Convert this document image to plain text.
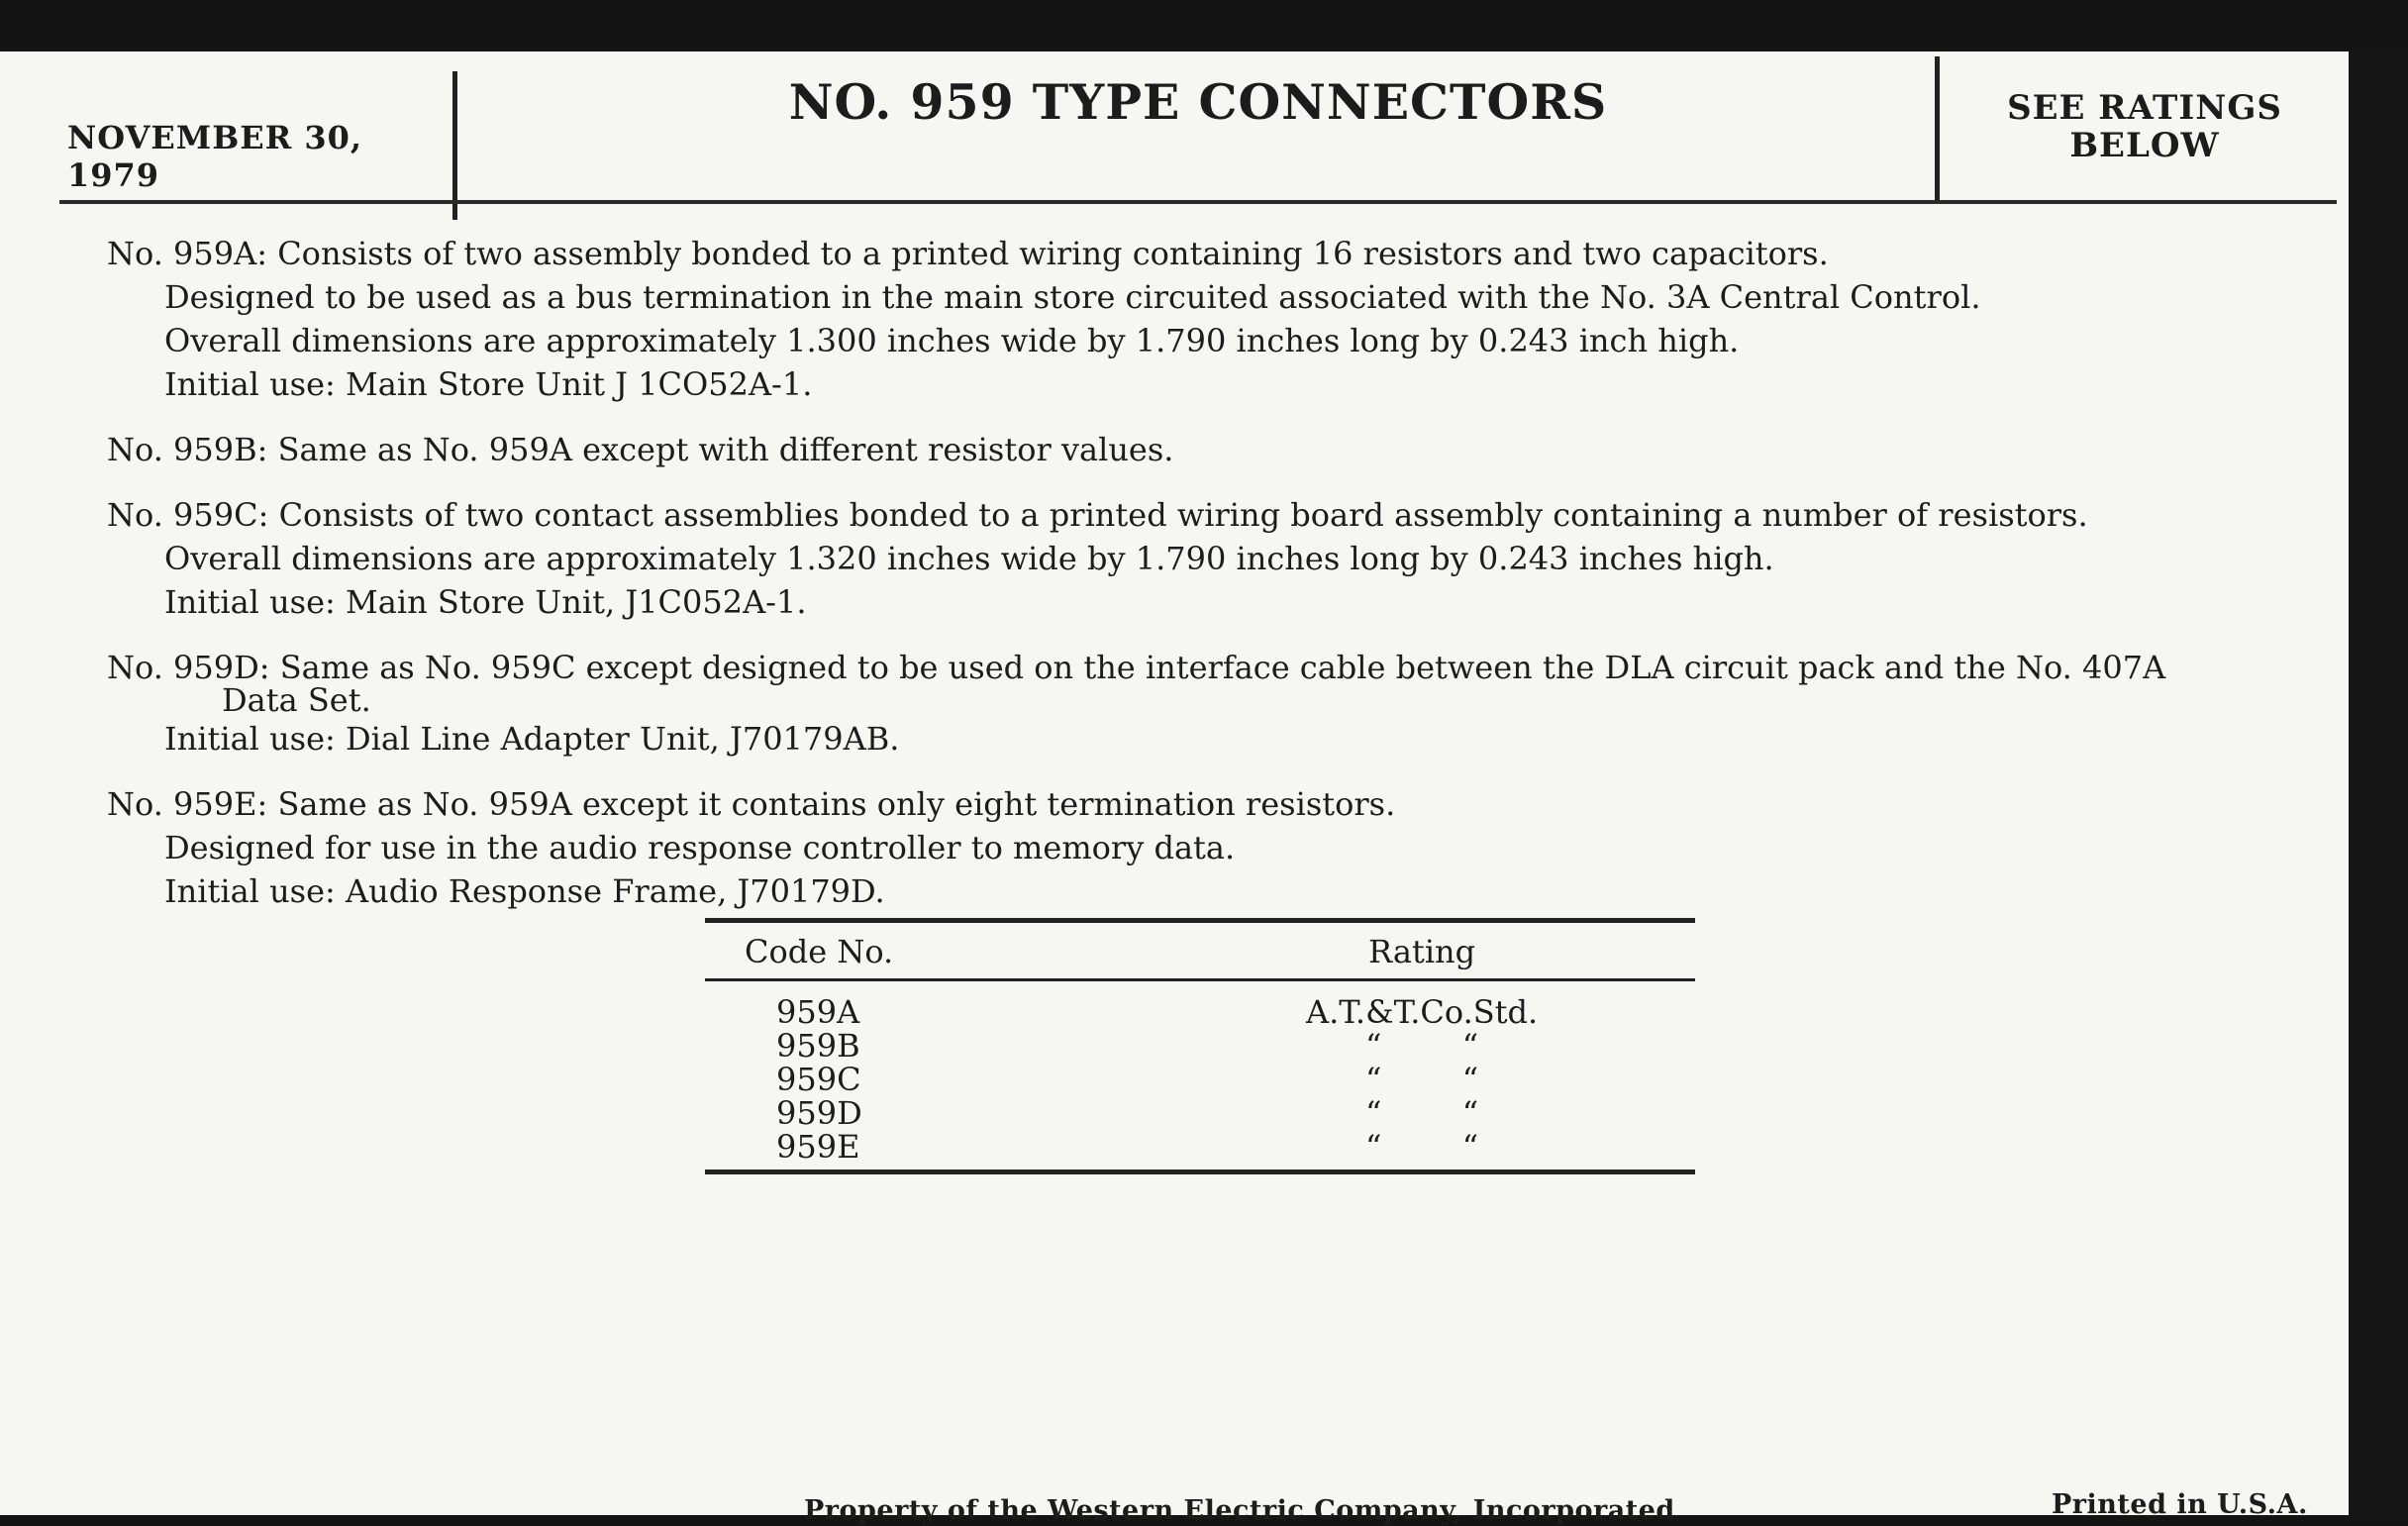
NOVEMBER 30, 1979
NO. 959 TYPE CONNECTORS	SEE RATINGS
BELOW
No. 959A: Consists of two assembly bonded to a printed wiring containing 16 resistors and two capacitors.
Designed to be used as a bus termination in the main store circuited associated with the No. 3A Central Control.
Overall dimensions are approximately 1.300 inches wide by 1.790 inches long by 0.243 inch high.
Initial use: Main Store Unit J 1CO52A-1.
No. 959B: Same as No. 959A except with different resistor values.
No. 959C: Consists of two contact assemblies bonded to a printed wiring board assembly containing a number of resistors.
Overall dimensions are approximately 1.320 inches wide by 1.790 inches long by 0.243 inches high.
Initial use: Main Store Unit, J1C052A-1.
No. 959D: Same as No. 959C except designed to be used on the interface cable between the DLA circuit pack and the No. 407A
Data Set.
Initial use: Dial Line Adapter Unit, J70179AB.
No. 959E: Same as No. 959A except it contains only eight termination resistors.
Designed for use in the audio response controller to memory data.
Initial use: Audio Response Frame, J70179D.
Code No.	Rating
959A	A.T.&T.Co.Std.
959B	“        “
959C	“        “
959D	“        “
959E	“        “
Property of the Western Electric Company, Incorporated	Printed in U.S.A.
